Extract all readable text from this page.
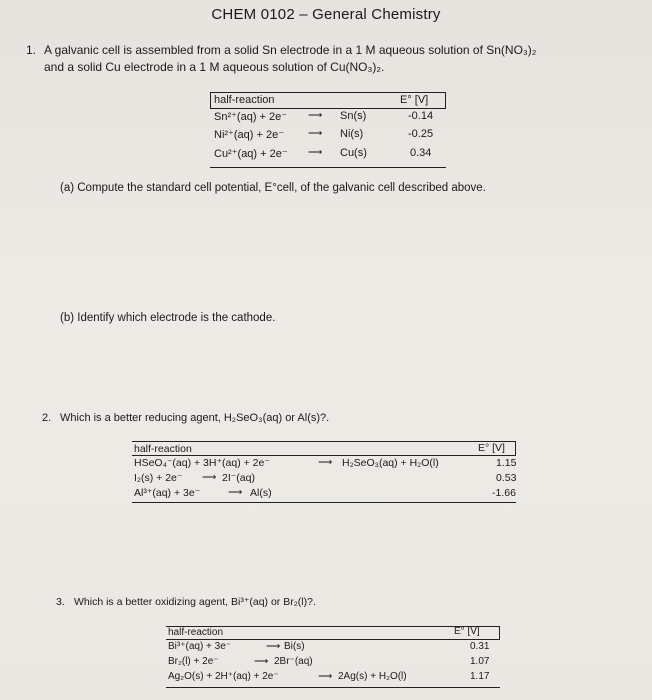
CHEM 0102 – General Chemistry
1. A galvanic cell is assembled from a solid Sn electrode in a 1 M aqueous solution of Sn(NO₃)₂
and a solid Cu electrode in a 1 M aqueous solution of Cu(NO₃)₂.
half-reaction	E° [V]
Sn²⁺(aq) + 2e⁻ ⟶ Sn(s)	-0.14
Ni²⁺(aq) + 2e⁻ ⟶ Ni(s)	-0.25
Cu²⁺(aq) + 2e⁻ ⟶ Cu(s)	0.34
(a) Compute the standard cell potential, E°cell, of the galvanic cell described above.
(b) Identify which electrode is the cathode.
2. Which is a better reducing agent, H₂SeO₃(aq) or Al(s)?.
half-reaction	E° [V]
HSeO₄⁻(aq) + 3H⁺(aq) + 2e⁻	⟶ H₂SeO₃(aq) + H₂O(l)	1.15
I₂(s) + 2e⁻ ⟶ 2I⁻(aq)	0.53
Al³⁺(aq) + 3e⁻	⟶ Al(s)	-1.66
3. Which is a better oxidizing agent, Bi³⁺(aq) or Br₂(l)?.
half-reaction	E° [V]
Bi³⁺(aq) + 3e⁻	⟶ Bi(s)	0.31
Br₂(l) + 2e⁻	⟶ 2Br⁻(aq)	1.07
Ag₂O(s) + 2H⁺(aq) + 2e⁻	⟶ 2Ag(s) + H₂O(l)	1.17
